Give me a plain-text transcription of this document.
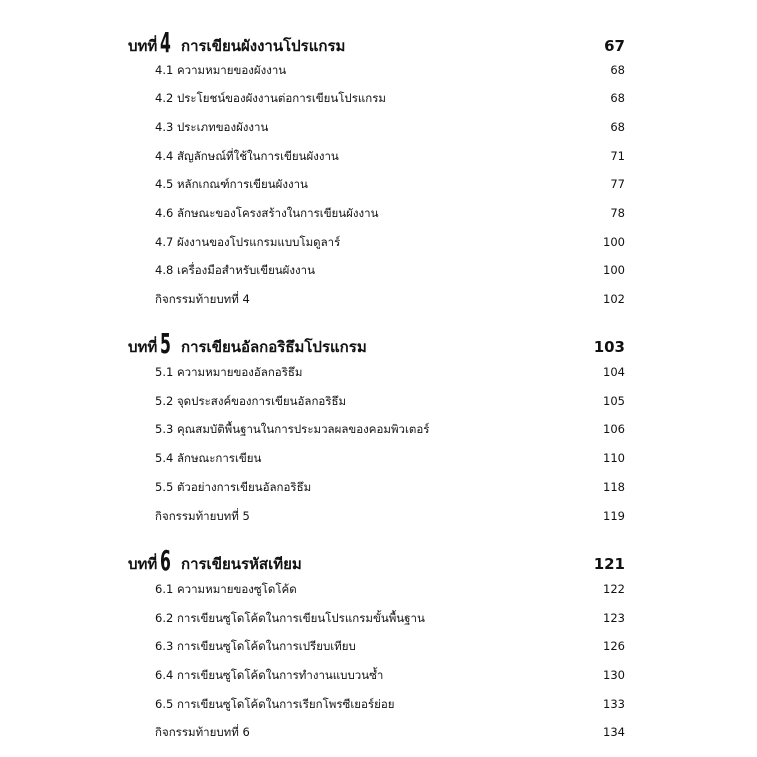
บทที่ 4 การเขียนผังงานโปรแกรม	67
4.1 ความหมายของผังงาน	68
4.2 ประโยชน์ของผังงานต่อการเขียนโปรแกรม	68
4.3 ประเภทของผังงาน	68
4.4 สัญลักษณ์ที่ใช้ในการเขียนผังงาน	71
4.5 หลักเกณฑ์การเขียนผังงาน	77
4.6 ลักษณะของโครงสร้างในการเขียนผังงาน	78
4.7 ผังงานของโปรแกรมแบบโมดูลาร์	100
4.8 เครื่องมือสำหรับเขียนผังงาน	100
กิจกรรมท้ายบทที่ 4	102
บทที่ 5 การเขียนอัลกอริธึมโปรแกรม	103
5.1 ความหมายของอัลกอริธึม	104
5.2 จุดประสงค์ของการเขียนอัลกอริธึม	105
5.3 คุณสมบัติพื้นฐานในการประมวลผลของคอมพิวเตอร์	106
5.4 ลักษณะการเขียน	110
5.5 ตัวอย่างการเขียนอัลกอริธึม	118
กิจกรรมท้ายบทที่ 5	119
บทที่ 6 การเขียนรหัสเทียม	121
6.1 ความหมายของซูโดโค้ด	122
6.2 การเขียนซูโดโค้ดในการเขียนโปรแกรมขั้นพื้นฐาน	123
6.3 การเขียนซูโดโค้ดในการเปรียบเทียบ	126
6.4 การเขียนซูโดโค้ดในการทำงานแบบวนซ้ำ	130
6.5 การเขียนซูโดโค้ดในการเรียกโพรซีเยอร์ย่อย	133
กิจกรรมท้ายบทที่ 6	134
